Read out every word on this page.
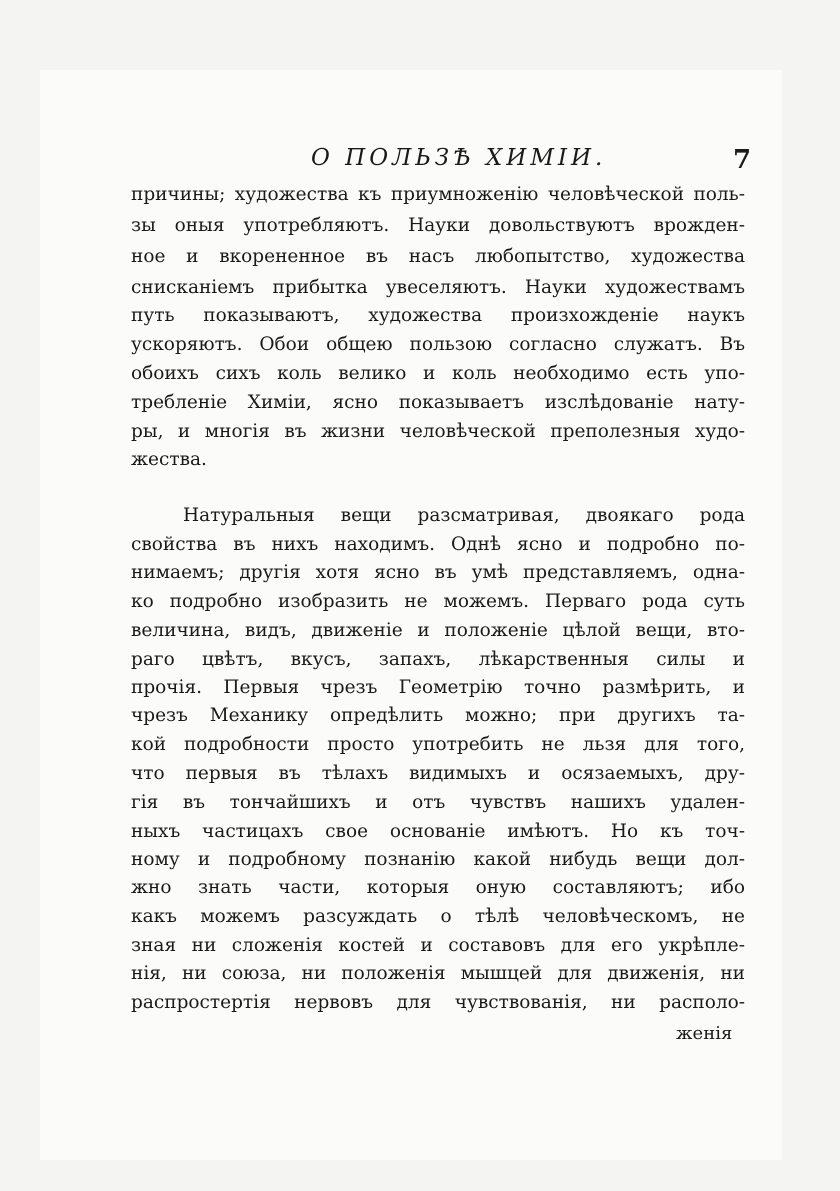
О ПОЛЬЗѢ ХИМIИ.	7
причины; художества къ приумноженiю человѣческой поль-
зы оныя употребляютъ. Науки довольствуютъ врожден-
ное и вкорененное въ насъ любопытство, художества
снисканiемъ прибытка увеселяютъ. Науки художествамъ
путь показываютъ, художества произхожденiе наукъ
ускоряютъ. Обои общею пользою согласно служатъ. Въ
обоихъ сихъ коль велико и коль необходимо есть упо-
требленiе Химiи, ясно показываетъ изслѣдованiе нату-
ры, и многiя въ жизни человѣческой преполезныя худо-
жества.
Натуральныя вещи разсматривая, двоякаго рода
свойства въ нихъ находимъ. Однѣ ясно и подробно по-
нимаемъ; другiя хотя ясно въ умѣ представляемъ, одна-
ко подробно изобразить не можемъ. Перваго рода суть
величина, видъ, движенiе и положенiе цѣлой вещи, вто-
раго цвѣтъ, вкусъ, запахъ, лѣкарственныя силы и
прочiя. Первыя чрезъ Геометрiю точно размѣрить, и
чрезъ Механику опредѣлить можно; при другихъ та-
кой подробности просто употребить не льзя для того,
что первыя въ тѣлахъ видимыхъ и осязаемыхъ, дру-
гiя въ тончайшихъ и отъ чувствъ нашихъ удален-
ныхъ частицахъ свое основанiе имѣютъ. Но къ точ-
ному и подробному познанiю какой нибудь вещи дол-
жно знать части, которыя оную составляютъ; ибо
какъ можемъ разсуждать о тѣлѣ человѣческомъ, не
зная ни сложенiя костей и составовъ для его укрѣпле-
нiя, ни союза, ни положенiя мышцей для движенiя, ни
распростертiя нервовъ для чувствованiя, ни располо-
женiя
